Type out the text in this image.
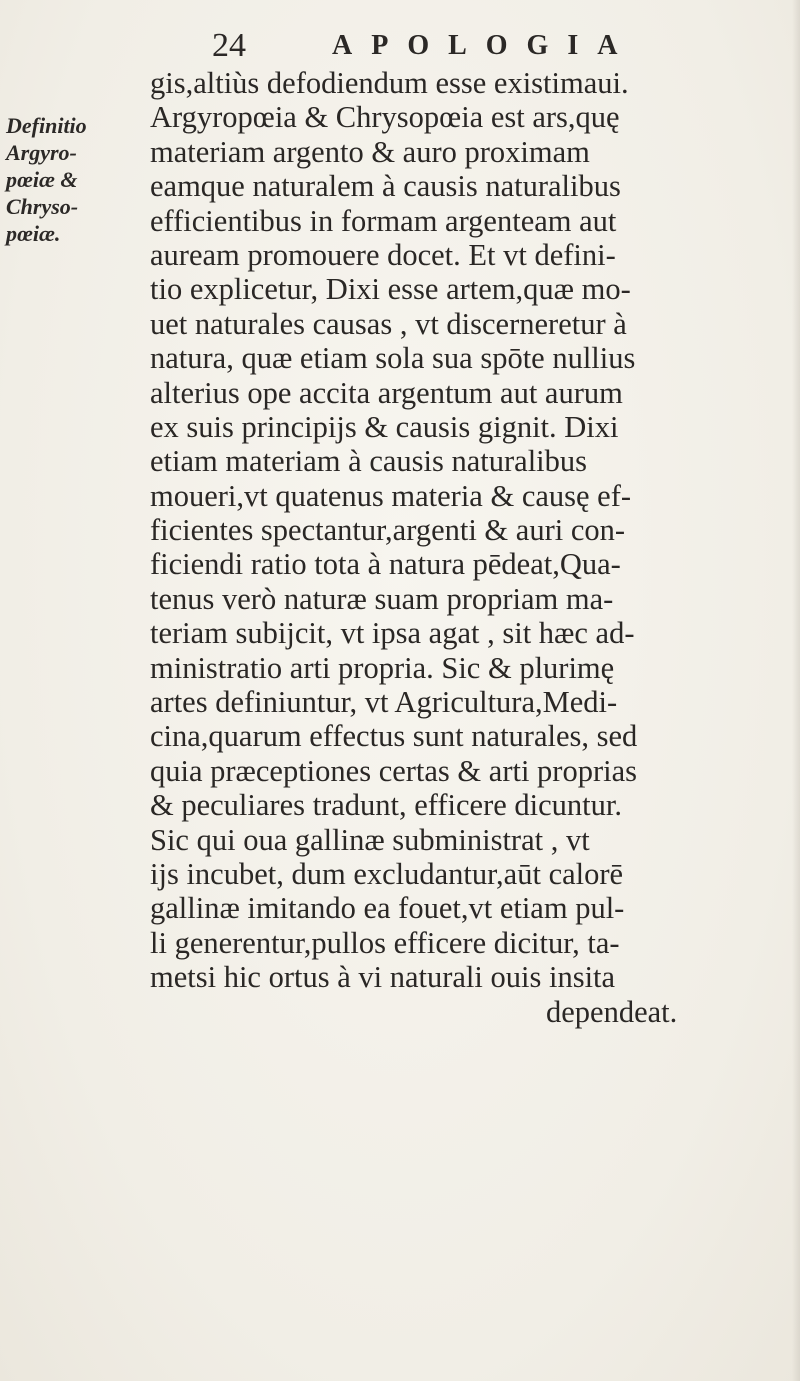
24	APOLOGIA
Definitio
Argyro-
pœiæ &
Chryso-
pœiæ.
gis,altiùs defodiendum esse existimaui.
Argyropœia & Chrysopœia est ars,quę
materiam argento & auro proximam
eamque naturalem à causis naturalibus
efficientibus in formam argenteam aut
auream promouere docet. Et vt defini-
tio explicetur, Dixi esse artem,quæ mo-
uet naturales causas , vt discerneretur à
natura, quæ etiam sola sua spōte nullius
alterius ope accita argentum aut aurum
ex suis principijs & causis gignit. Dixi
etiam materiam à causis naturalibus
moueri,vt quatenus materia & causę ef-
ficientes spectantur,argenti & auri con-
ficiendi ratio tota à natura pēdeat,Qua-
tenus verò naturæ suam propriam ma-
teriam subijcit, vt ipsa agat , sit hæc ad-
ministratio arti propria. Sic & plurimę
artes definiuntur, vt Agricultura,Medi-
cina,quarum effectus sunt naturales, sed
quia præceptiones certas & arti proprias
& peculiares tradunt, efficere dicuntur.
Sic qui oua gallinæ subministrat , vt
ijs incubet, dum excludantur,aūt calorē
gallinæ imitando ea fouet,vt etiam pul-
li generentur,pullos efficere dicitur, ta-
metsi hic ortus à vi naturali ouis insita
dependeat.
